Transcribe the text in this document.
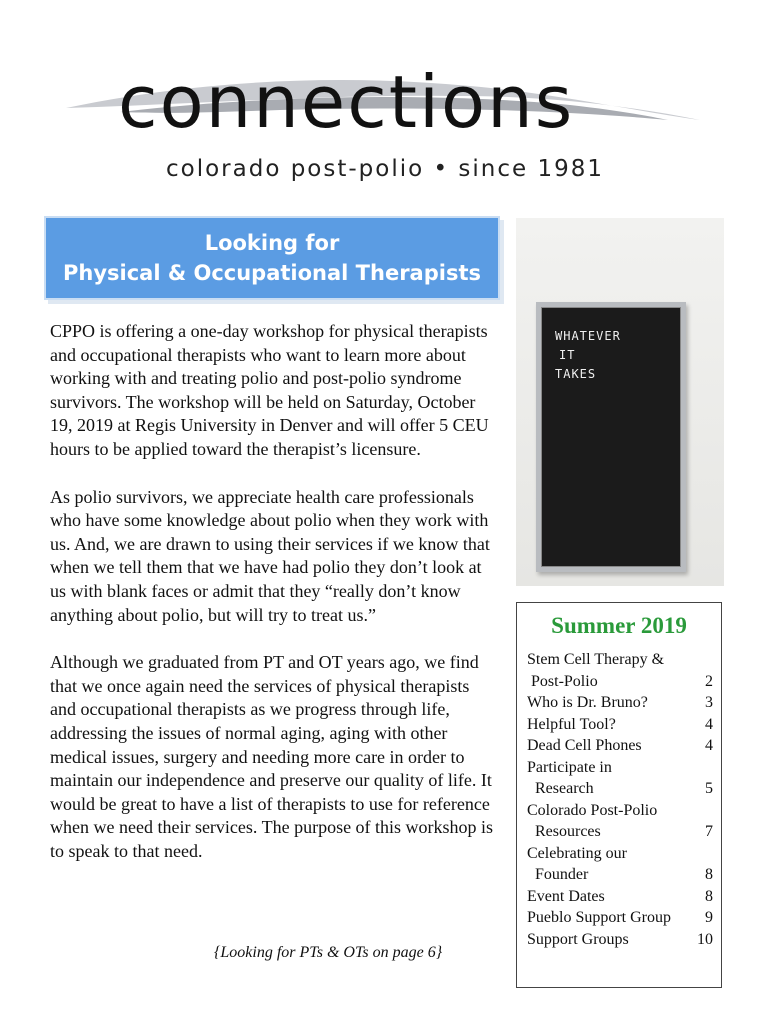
connections
colorado post-polio • since 1981
Looking for
Physical & Occupational Therapists

CPPO is offering a one-day workshop for physical therapists and occupational therapists who want to learn more about working with and treating polio and post-polio syndrome survivors. The workshop will be held on Saturday, October 19, 2019 at Regis University in Denver and will offer 5 CEU hours to be applied toward the therapist’s licensure.

As polio survivors, we appreciate health care professionals who have some knowledge about polio when they work with us. And, we are drawn to using their services if we know that when we tell them that we have had polio they don’t look at us with blank faces or admit that they “really don’t know anything about polio, but will try to treat us.”

Although we graduated from PT and OT years ago, we find that we once again need the services of physical therapists and occupational therapists as we progress through life, addressing the issues of normal aging, aging with other medical issues, surgery and needing more care in order to maintain our independence and preserve our quality of life. It would be great to have a list of therapists to use for reference when we need their services. The purpose of this workshop is to speak to that need.

{Looking for PTs & OTs on page 6}
WHATEVER
IT
TAKES
Summer 2019
Stem Cell Therapy &
Post-Polio	2
Who is Dr. Bruno?	3
Helpful Tool?	4
Dead Cell Phones	4
Participate in
Research	5
Colorado Post-Polio
Resources	7
Celebrating our
Founder	8
Event Dates	8
Pueblo Support Group 9
Support Groups	10
